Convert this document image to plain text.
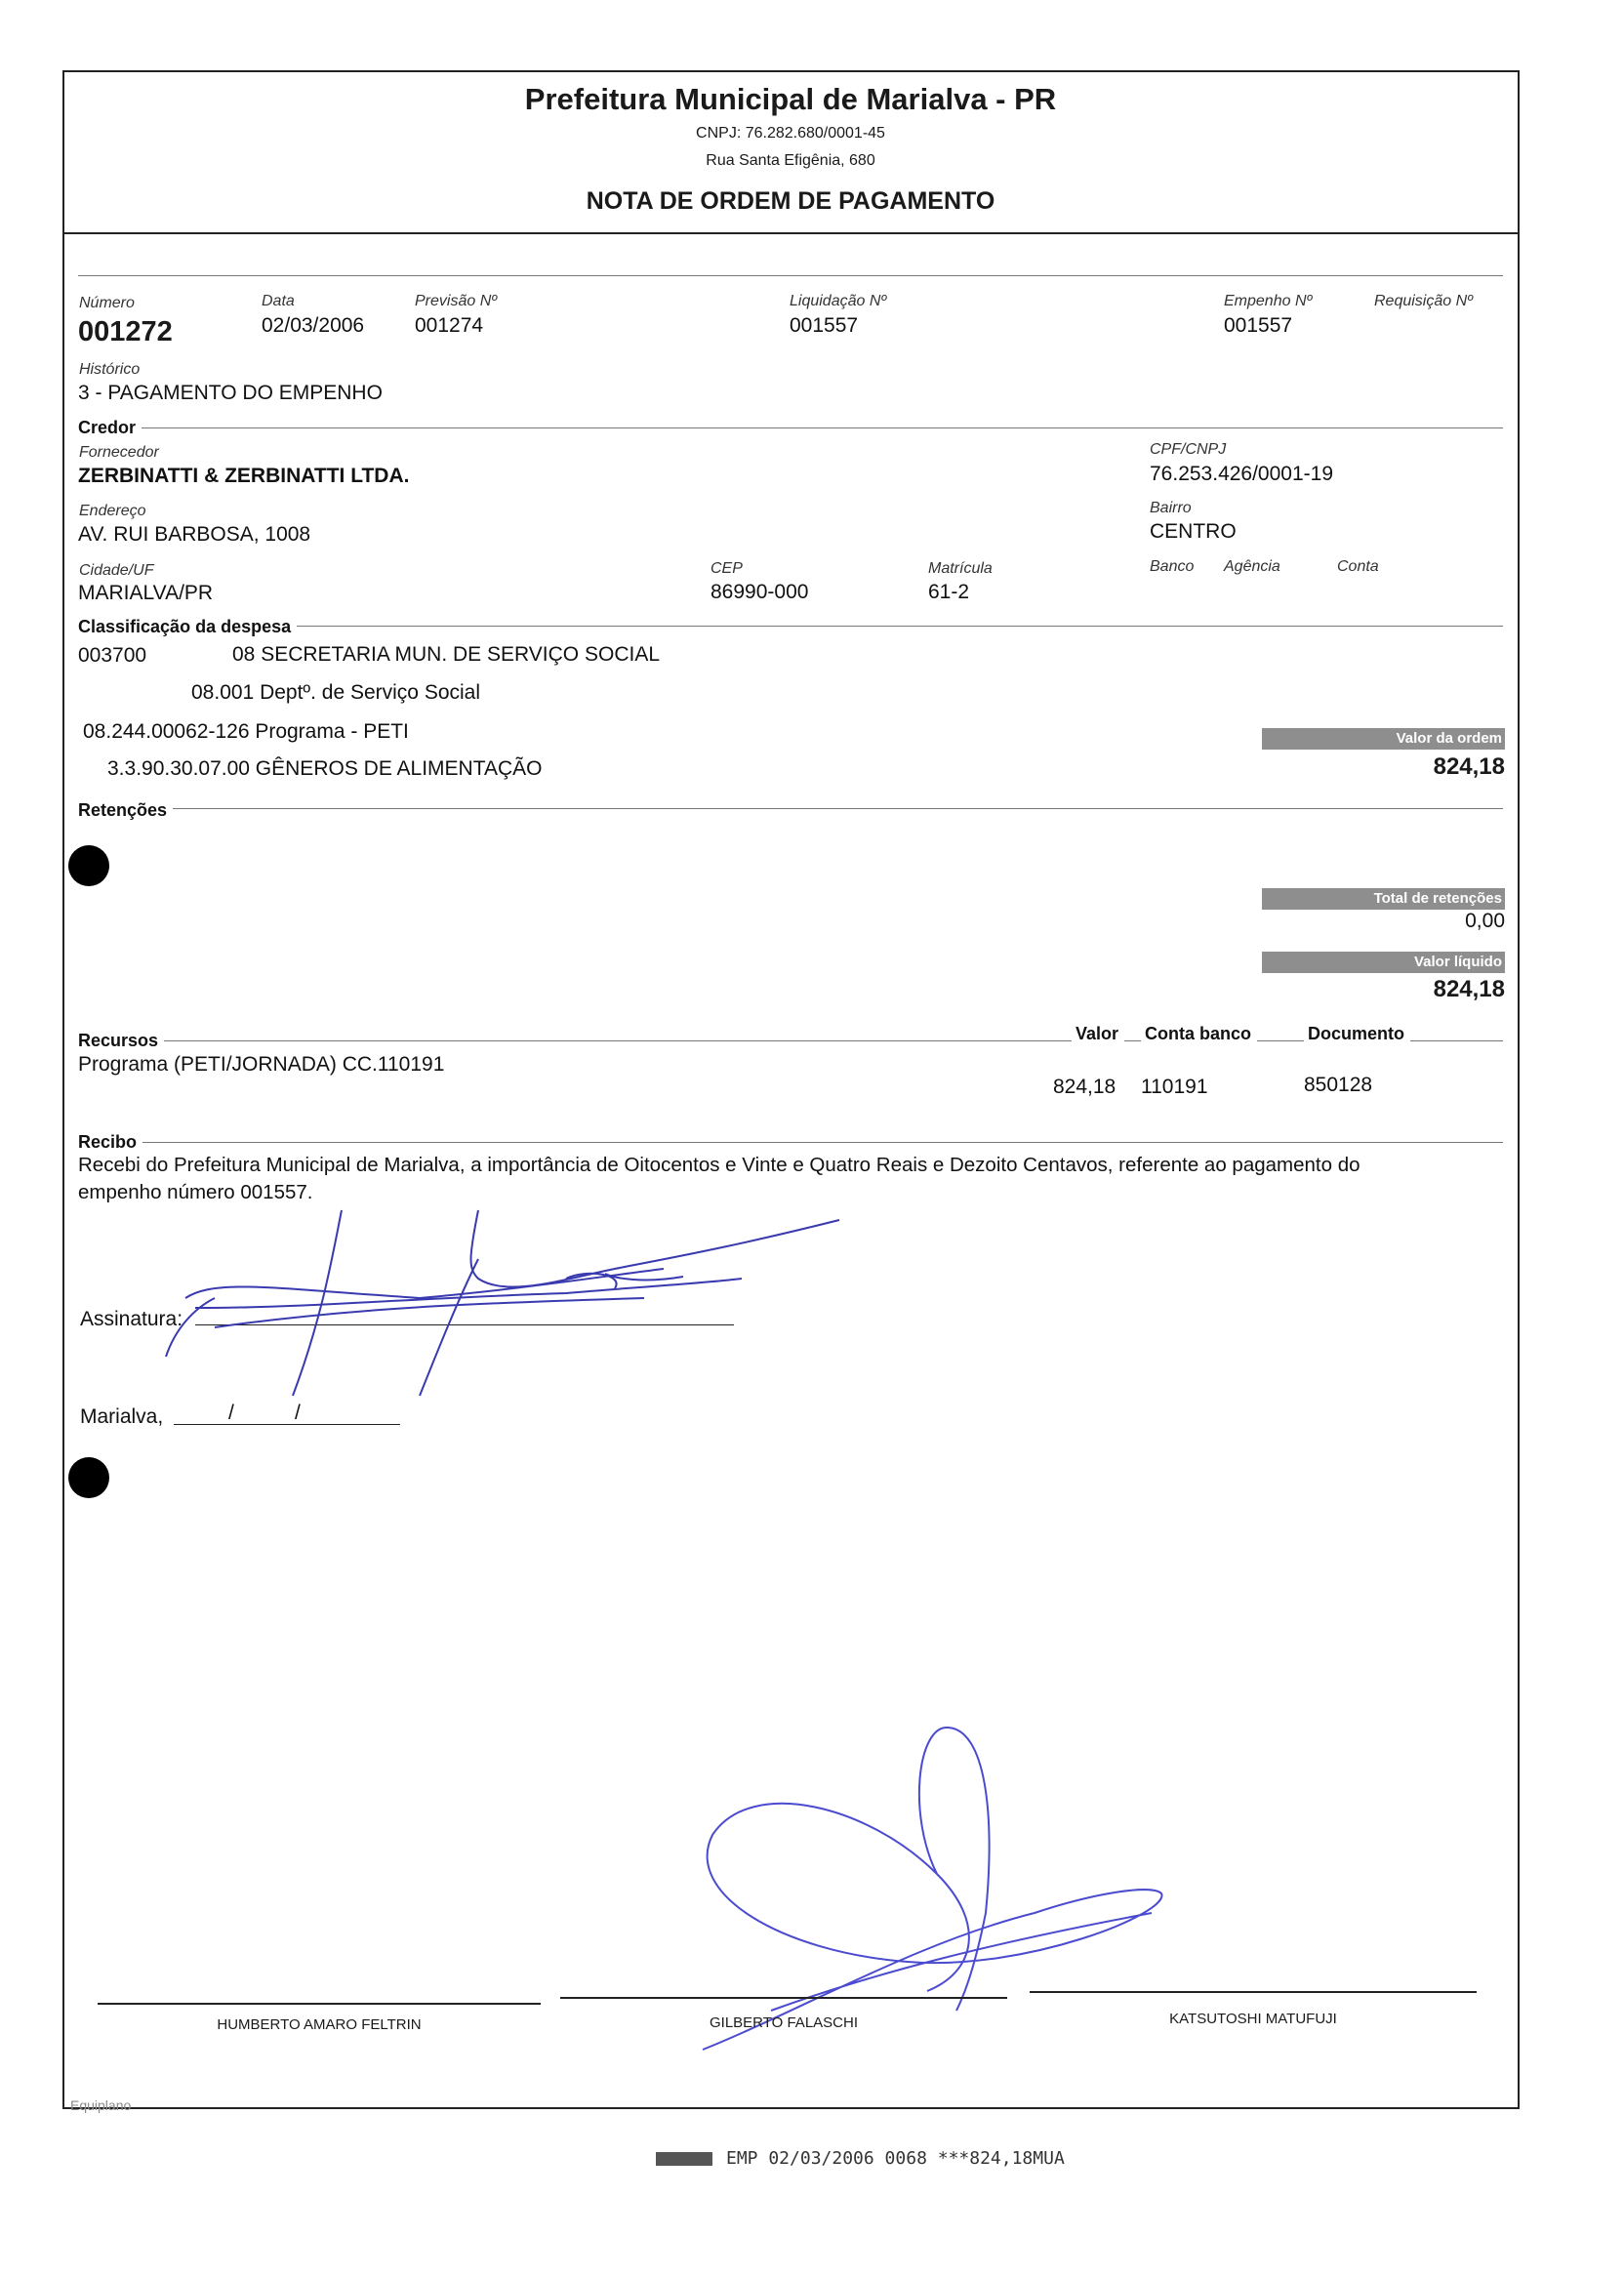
Prefeitura Municipal de Marialva - PR
CNPJ: 76.282.680/0001-45
Rua Santa Efigênia, 680
NOTA DE ORDEM DE PAGAMENTO
Número
001272
Data
02/03/2006
Previsão Nº
001274
Liquidação Nº
001557
Empenho Nº
001557
Requisição Nº
Histórico
3 - PAGAMENTO DO EMPENHO
Credor
Fornecedor
ZERBINATTI & ZERBINATTI LTDA.
CPF/CNPJ
76.253.426/0001-19
Endereço
AV. RUI BARBOSA, 1008
Bairro
CENTRO
Cidade/UF
MARIALVA/PR
CEP
86990-000
Matrícula
61-2
Banco Agência	Conta
Classificação da despesa
003700	08 SECRETARIA MUN. DE SERVIÇO SOCIAL
08.001 Deptº. de Serviço Social
08.244.00062-126 Programa - PETI
3.3.90.30.07.00 GÊNEROS DE ALIMENTAÇÃO
Valor da ordem
824,18
Retenções
Total de retenções
0,00
Valor líquido
824,18
Recursos	Valor	Conta banco	Documento
Programa (PETI/JORNADA) CC.110191
824,18 110191	850128
Recibo
Recebi do Prefeitura Municipal de Marialva, a importância de Oitocentos e Vinte e Quatro Reais e Dezoito Centavos, referente ao pagamento do
empenho número 001557.
Assinatura:
Marialva,	/	/
HUMBERTO AMARO FELTRIN	GILBERTO FALASCHI	KATSUTOSHI MATUFUJI
Equiplano
EMP 02/03/2006 0068 ***824,18MUA
